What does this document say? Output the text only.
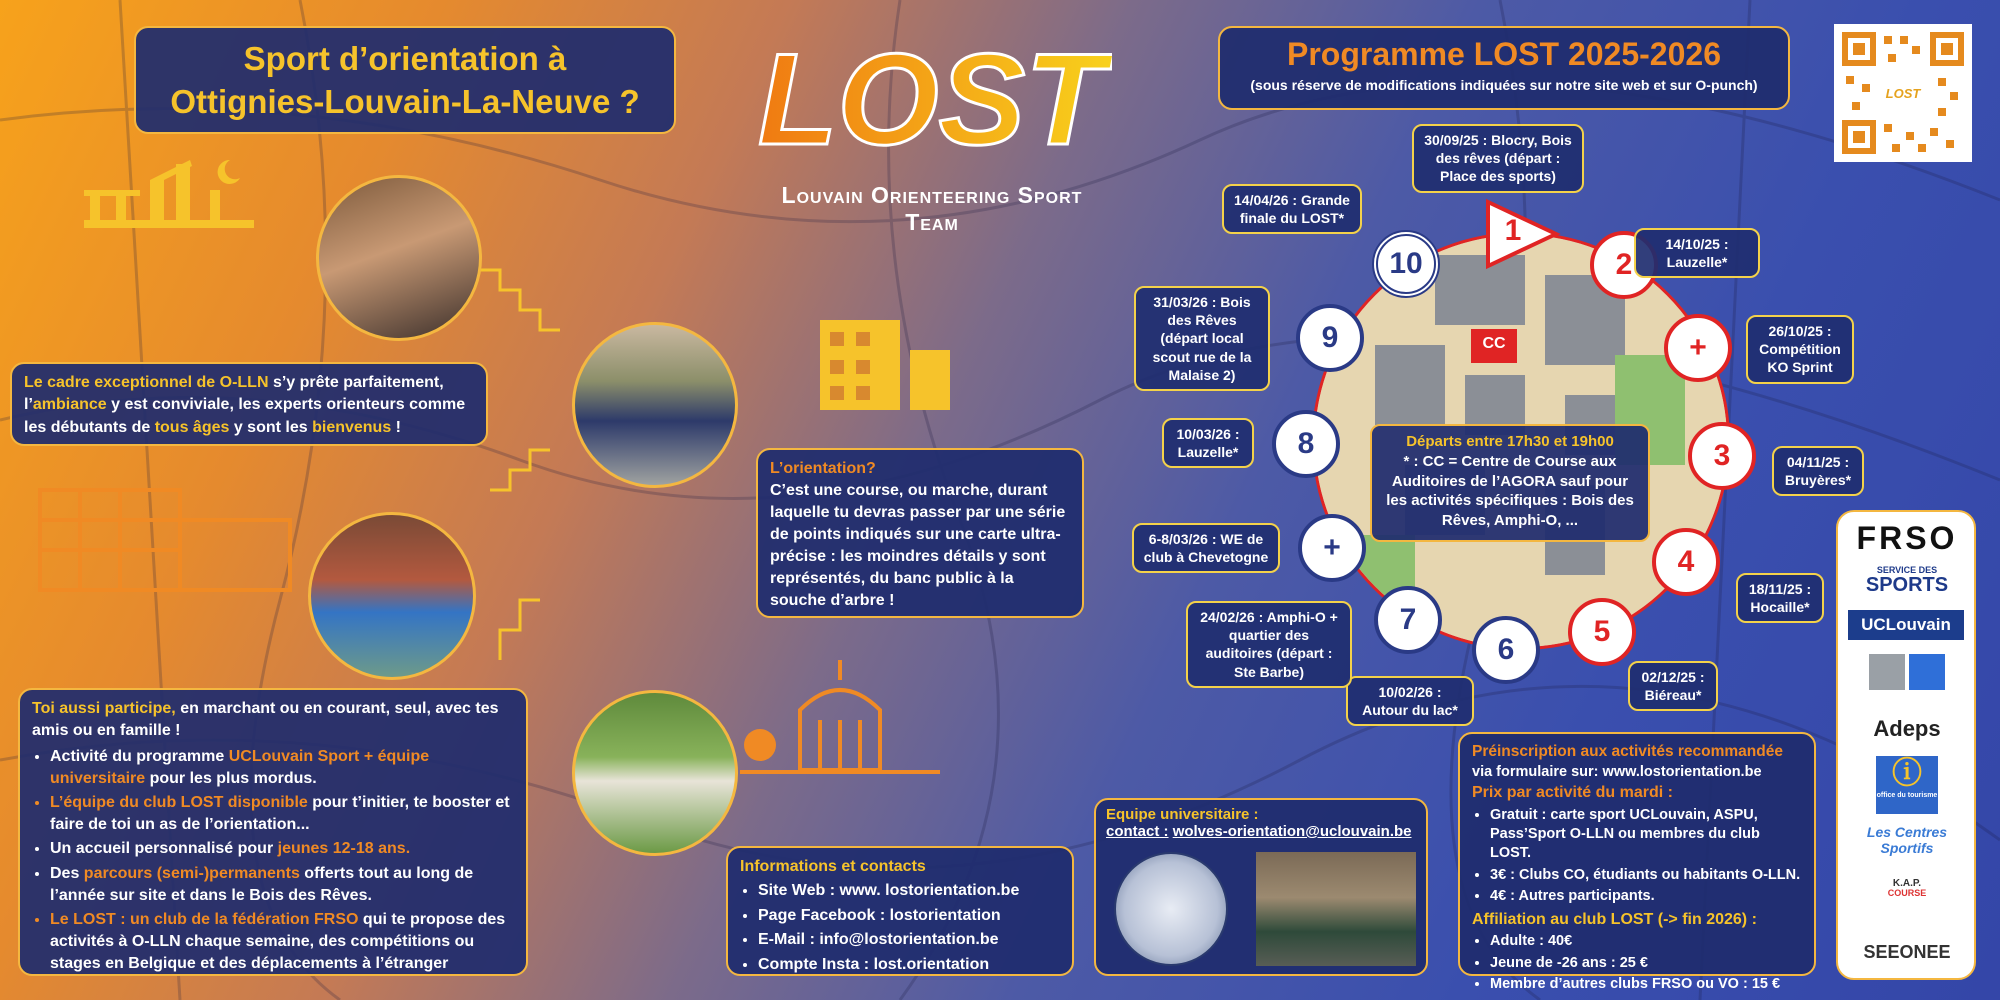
Sport d’orientation à
Ottignies-Louvain-La-Neuve ? LOST
Louvain Orienteering Sport Team
Programme LOST 2025-2026
(sous réserve de modifications indiquées sur notre site web et sur O-punch)
LOST
Le cadre exceptionnel de O-LLN s’y prête parfaitement, l’ambiance y est conviviale, les experts orienteurs comme les débutants de tous âges y sont les bienvenus !
L’orientation?
C’est une course, ou marche, durant laquelle tu devras passer par une série de points indiqués sur une carte ultra-précise : les moindres détails y sont représentés, du banc public à la souche d’arbre !
Toi aussi participe, en marchant ou en courant, seul, avec tes amis ou en famille !
• Activité du programme UCLouvain Sport + équipe universitaire pour les plus mordus.
• L’équipe du club LOST disponible pour t’initier, te booster et faire de toi un as de l’orientation...
• Un accueil personnalisé pour jeunes 12-18 ans.
• Des parcours (semi-)permanents offerts tout au long de l’année sur site et dans le Bois des Rêves.
• Le LOST : un club de la fédération FRSO qui te propose des activités à O-LLN chaque semaine, des compétitions ou stages en Belgique et des déplacements à l’étranger
Informations et contacts
• Site Web : www. lostorientation.be
• Page Facebook : lostorientation
• E-Mail : info@lostorientation.be
• Compte Insta : lost.orientation
Equipe universitaire :
contact : wolves-orientation@uclouvain.be
CC
1
2
+
3
4
5
6
7
+
8
9
10
Départs entre 17h30 et 19h00
* : CC = Centre de Course aux Auditoires de l’AGORA sauf pour les activités spécifiques : Bois des Rêves, Amphi-O, ...
30/09/25 : Blocry, Bois des rêves (départ : Place des sports)
14/10/25 : Lauzelle*
26/10/25 : Compétition KO Sprint
04/11/25 : Bruyères*
18/11/25 : Hocaille*
02/12/25 : Biéreau*
10/02/26 : Autour du lac*
24/02/26 : Amphi-O + quartier des auditoires (départ : Ste Barbe)
6-8/03/26 : WE de club à Chevetogne
10/03/26 : Lauzelle*
31/03/26 : Bois des Rêves (départ local scout rue de la Malaise 2)
14/04/26 : Grande finale du LOST*
Préinscription aux activités recommandée
via formulaire sur: www.lostorientation.be
Prix par activité du mardi :
• Gratuit : carte sport UCLouvain, ASPU, Pass’Sport O-LLN ou membres du club LOST.
• 3€ : Clubs CO, étudiants ou habitants O-LLN.
• 4€ : Autres participants.
Affiliation au club LOST (-> fin 2026) :
• Adulte : 40€
• Jeune de -26 ans : 25 €
• Membre d’autres clubs FRSO ou VO : 15 €
FRSO
SERVICE DES
SPORTS
UCLouvain
Adeps
ⓘ
office du tourisme
Les Centres Sportifs
K.A.P.
COURSE
SEEONEE
